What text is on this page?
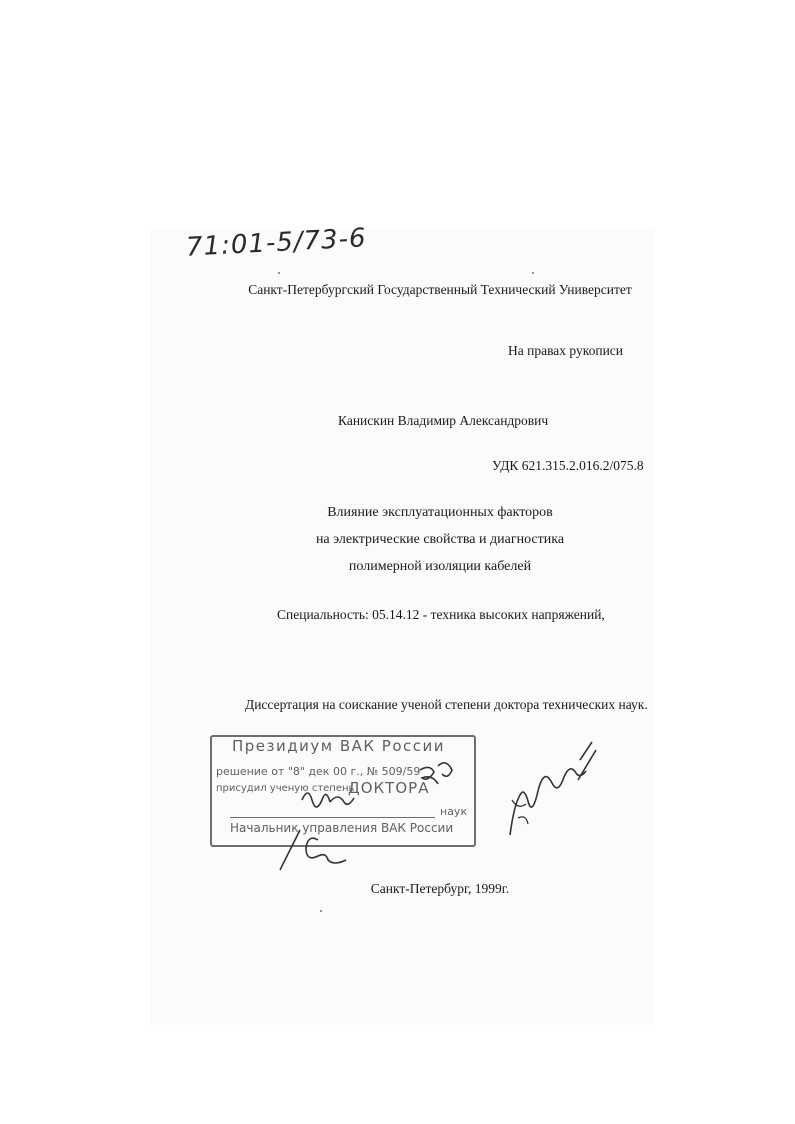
71:01-5/73-6
Санкт-Петербургский Государственный Технический Университет
На правах рукописи
Канискин Владимир Александрович
УДК 621.315.2.016.2/075.8
Влияние эксплуатационных факторов
на электрические свойства и диагностика
полимерной изоляции кабелей
Специальность: 05.14.12 - техника высоких напряжений,
Диссертация на соискание ученой степени доктора технических наук.
Президиум ВАК России
решение от "8" дек 00 г., № 509/59
присудил ученую степень
ДОКТОРА
наук
Начальник управления ВАК России
Санкт-Петербург, 1999г.
